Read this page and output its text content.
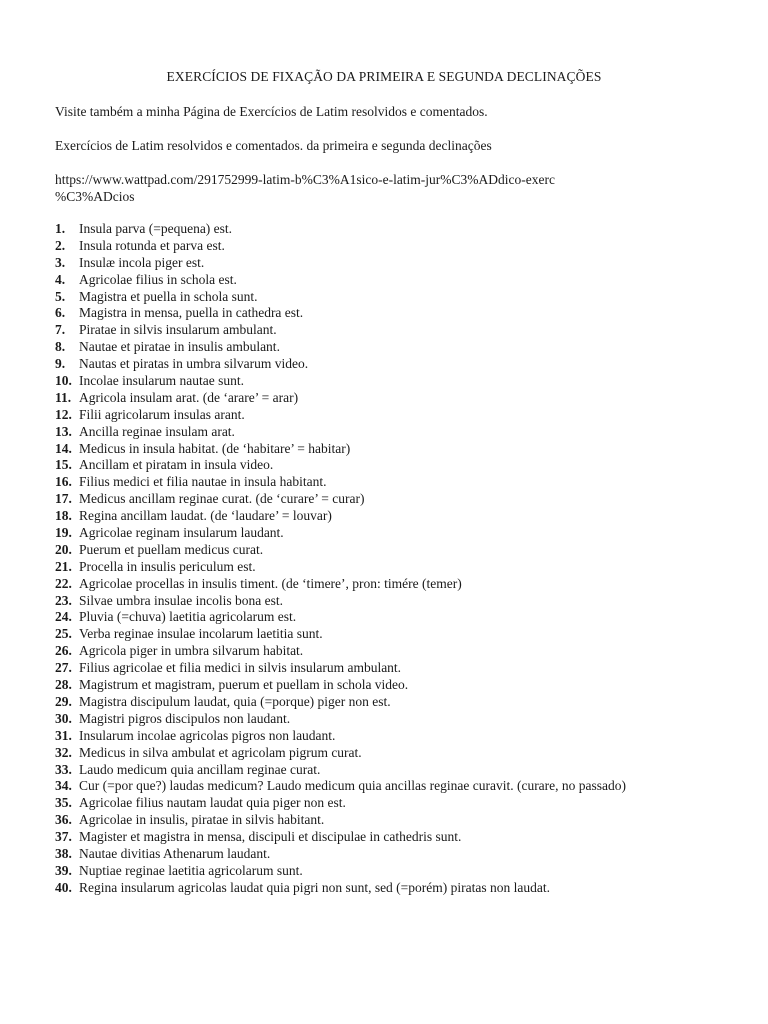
EXERCÍCIOS DE FIXAÇÃO DA PRIMEIRA E SEGUNDA DECLINAÇÕES
Visite também a minha Página de Exercícios de Latim resolvidos e comentados.
Exercícios de Latim resolvidos e comentados. da primeira e segunda declinações
https://www.wattpad.com/291752999-latim-b%C3%A1sico-e-latim-jur%C3%ADdico-exerc
%C3%ADcios
1. Insula parva (=pequena) est.
2. Insula rotunda et parva est.
3. Insulæ incola piger est.
4. Agricolae filius in schola est.
5. Magistra et puella in schola sunt.
6. Magistra in mensa, puella in cathedra est.
7. Piratae in silvis insularum ambulant.
8. Nautae et piratae in insulis ambulant.
9. Nautas et piratas in umbra silvarum video.
10. Incolae insularum nautae sunt.
11. Agricola insulam arat. (de ‘arare’ = arar)
12. Filii agricolarum insulas arant.
13. Ancilla reginae insulam arat.
14. Medicus in insula habitat. (de ‘habitare’ = habitar)
15. Ancillam et piratam in insula video.
16. Filius medici et filia nautae in insula habitant.
17. Medicus ancillam reginae curat. (de ‘curare’ = curar)
18. Regina ancillam laudat. (de ‘laudare’ = louvar)
19. Agricolae reginam insularum laudant.
20. Puerum et puellam medicus curat.
21. Procella in insulis periculum est.
22. Agricolae procellas in insulis timent. (de ‘timere’, pron: timére (temer)
23. Silvae umbra insulae incolis bona est.
24. Pluvia (=chuva) laetitia agricolarum est.
25. Verba reginae insulae incolarum laetitia sunt.
26. Agricola piger in umbra silvarum habitat.
27. Filius agricolae et filia medici in silvis insularum ambulant.
28. Magistrum et magistram, puerum et puellam in schola video.
29. Magistra discipulum laudat, quia (=porque) piger non est.
30. Magistri pigros discipulos non laudant.
31. Insularum incolae agricolas pigros non laudant.
32. Medicus in silva ambulat et agricolam pigrum curat.
33. Laudo medicum quia ancillam reginae curat.
34. Cur (=por que?) laudas medicum? Laudo medicum quia ancillas reginae curavit. (curare, no passado)
35. Agricolae filius nautam laudat quia piger non est.
36. Agricolae in insulis, piratae in silvis habitant.
37. Magister et magistra in mensa, discipuli et discipulae in cathedris sunt.
38. Nautae divitias Athenarum laudant.
39. Nuptiae reginae laetitia agricolarum sunt.
40. Regina insularum agricolas laudat quia pigri non sunt, sed (=porém) piratas non laudat.
